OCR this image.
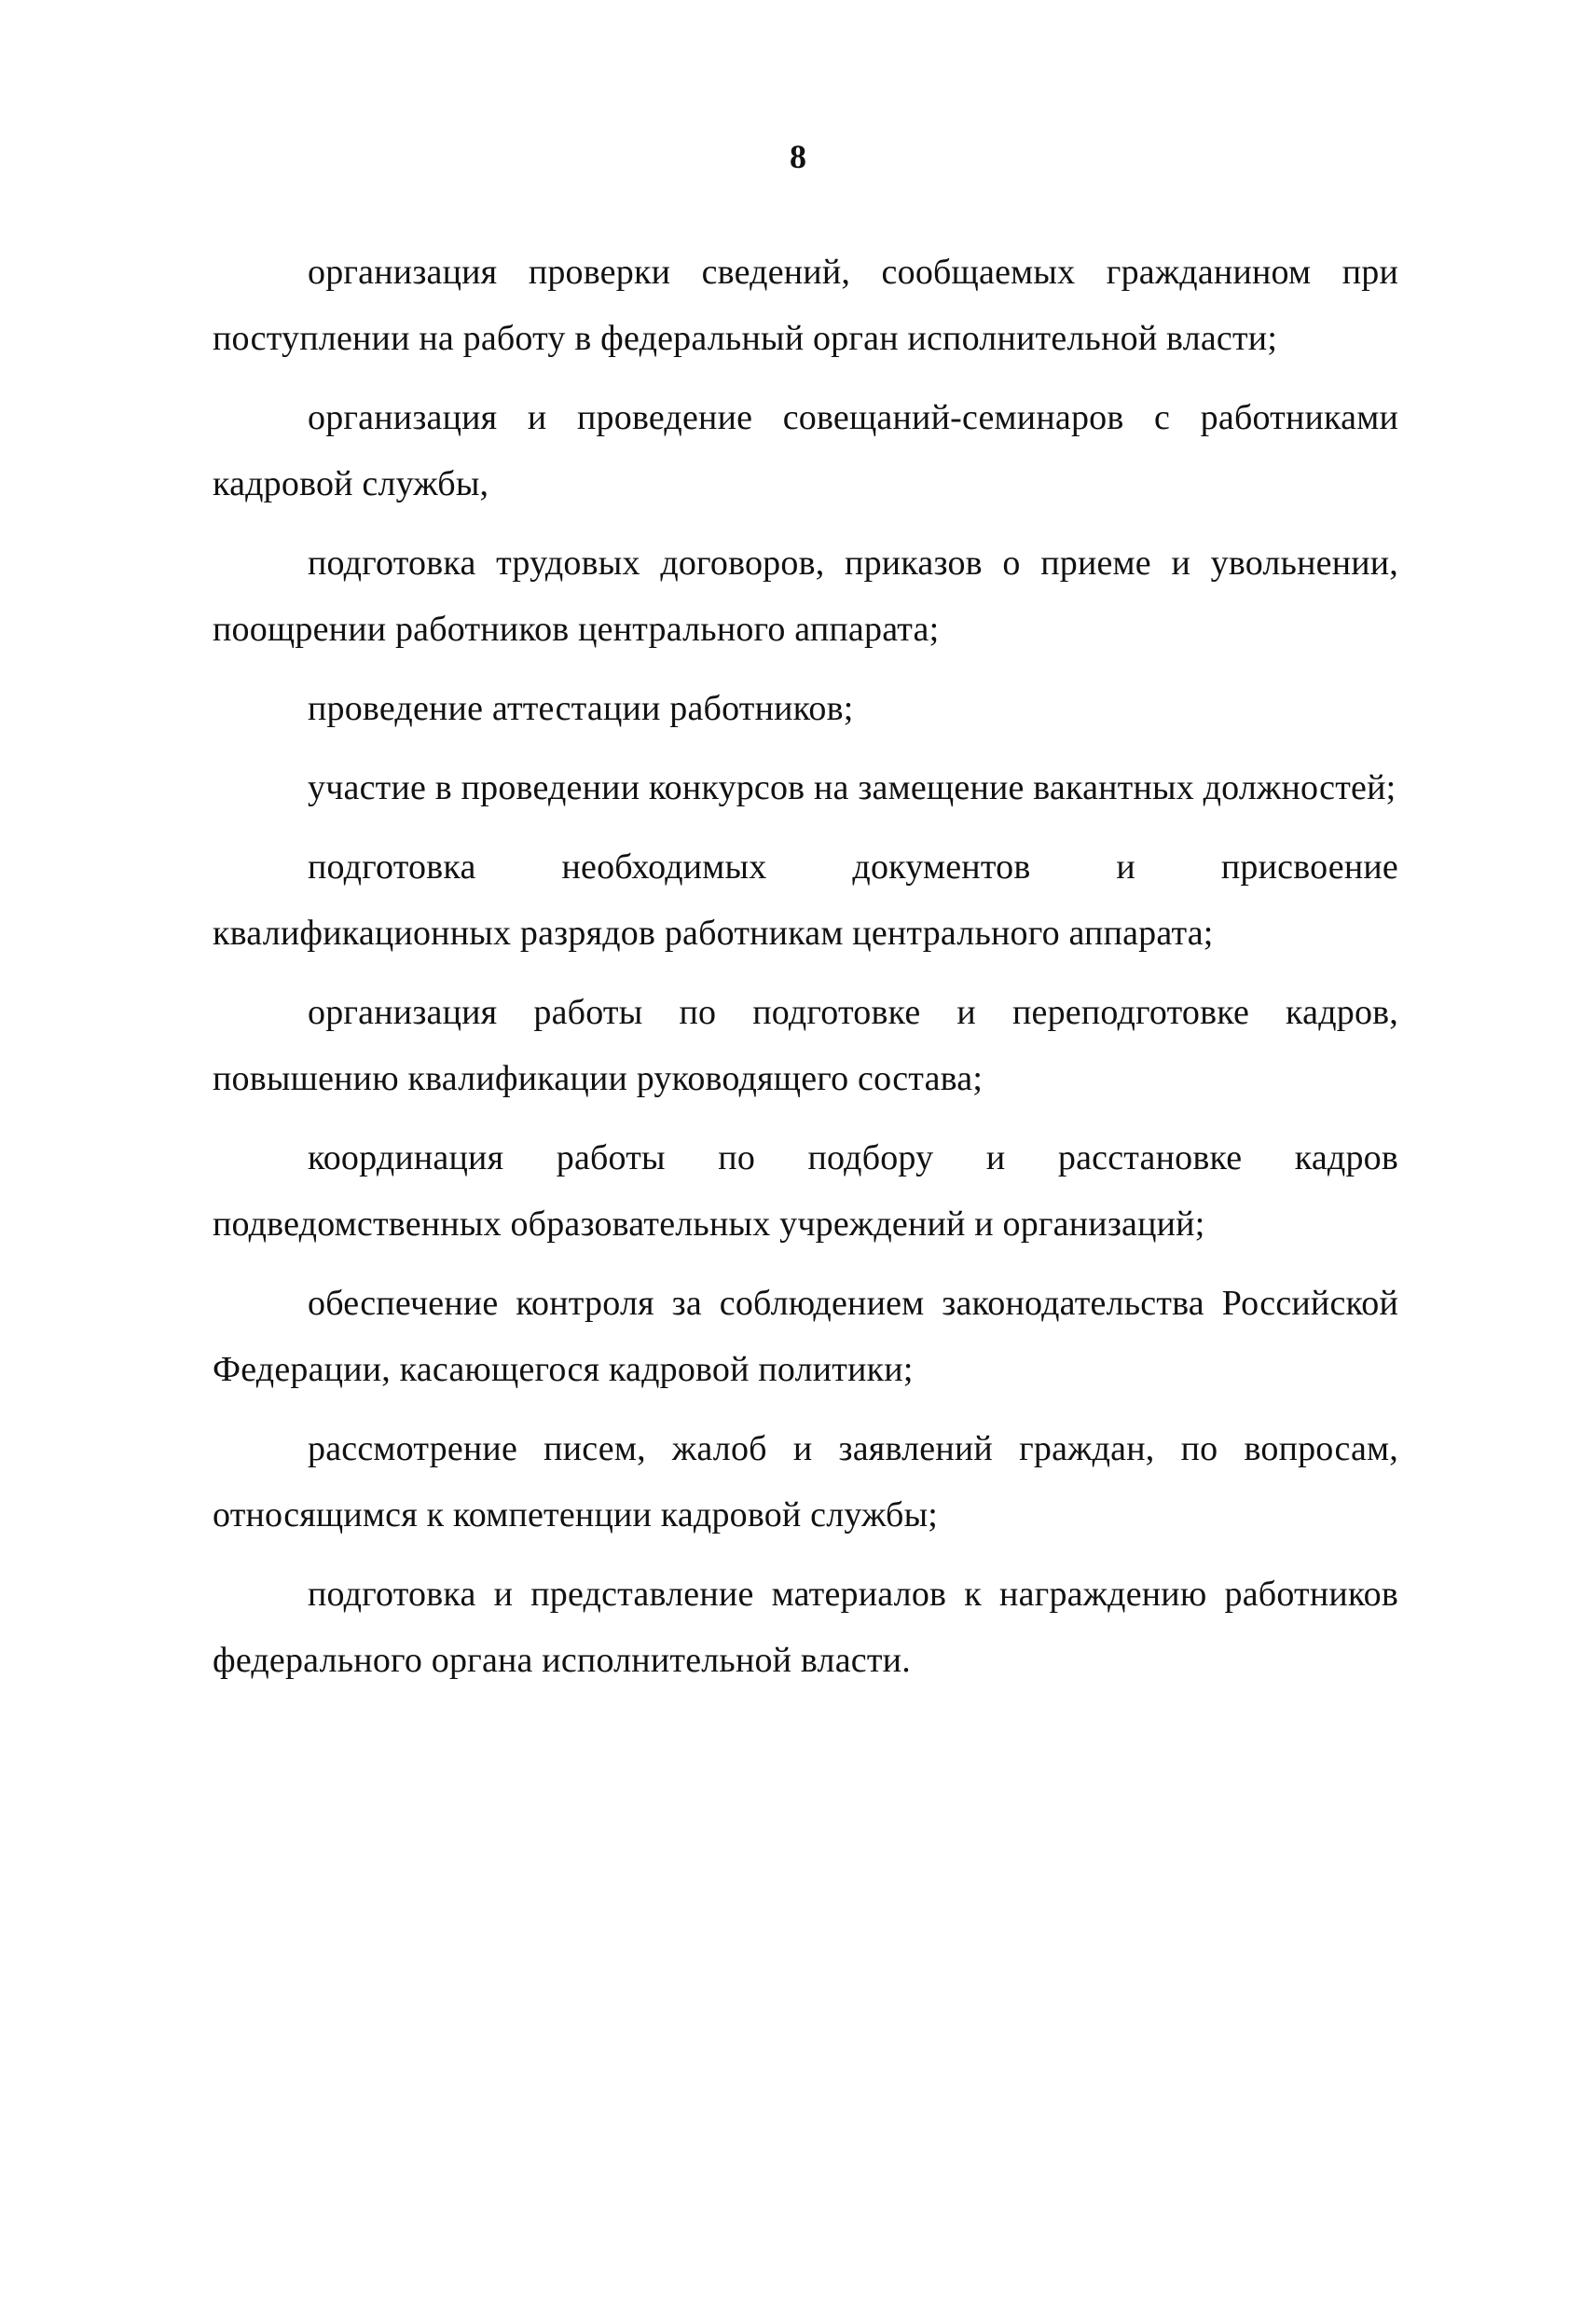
8

организация проверки сведений, сообщаемых гражданином при поступлении на работу в федеральный орган исполнительной власти;

организация и проведение совещаний-семинаров с работниками кадровой службы,

подготовка трудовых договоров, приказов о приеме и увольнении, поощрении работников центрального аппарата;

проведение аттестации работников;

участие в проведении конкурсов на замещение вакантных должностей;

подготовка необходимых документов и присвоение квалификационных разрядов работникам центрального аппарата;

организация работы по подготовке и переподготовке кадров, повышению квалификации руководящего состава;

координация работы по подбору и расстановке кадров подведомственных образовательных учреждений и организаций;

обеспечение контроля за соблюдением законодательства Российской Федерации, касающегося кадровой политики;

рассмотрение писем, жалоб и заявлений граждан, по вопросам, относящимся к компетенции кадровой службы;

подготовка и представление материалов к награждению работников федерального органа исполнительной власти.
